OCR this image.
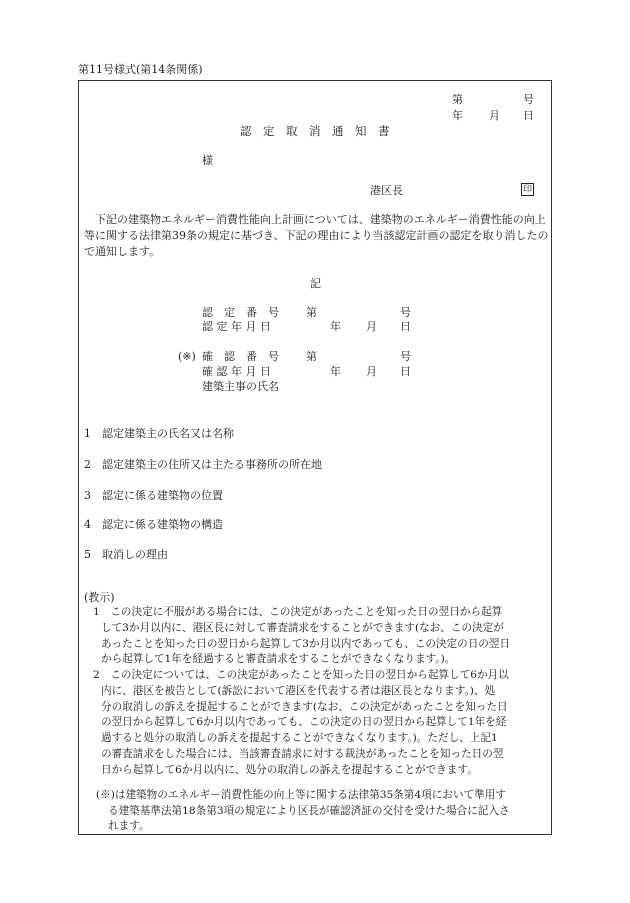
第11号様式(第14条関係)
第	号
年 月 日
認　定　取　消　通　知　書
様
港区長	印
　下記の建築物エネルギー消費性能向上計画については、建築物のエネルギー消費性能の向上等に関する法律第39条の規定に基づき、下記の理由により当該認定計画の認定を取り消したので通知します。
記
認　定　番　号 第	号
認 定 年 月 日	年 月 日
(※) 確　認　番　号 第	号
確 認 年 月 日	年 月 日
建築主事の氏名
1 認定建築主の氏名又は名称
2 認定建築主の住所又は主たる事務所の所在地
3 認定に係る建築物の位置
4 認定に係る建築物の構造
5 取消しの理由
(教示)
1　この決定に不服がある場合には、この決定があったことを知った日の翌日から起算
して3か月以内に、港区長に対して審査請求をすることができます(なお、この決定が
あったことを知った日の翌日から起算して3か月以内であっても、この決定の日の翌日
から起算して1年を経過すると審査請求をすることができなくなります。)。
2　この決定については、この決定があったことを知った日の翌日から起算して6か月以
内に、港区を被告として(訴訟において港区を代表する者は港区長となります。)、処
分の取消しの訴えを提起することができます(なお、この決定があったことを知った日
の翌日から起算して6か月以内であっても、この決定の日の翌日から起算して1年を経
過すると処分の取消しの訴えを提起することができなくなります。)。ただし、上記1
の審査請求をした場合には、当該審査請求に対する裁決があったことを知った日の翌
日から起算して6か月以内に、処分の取消しの訴えを提起することができます。
(※)は建築物のエネルギー消費性能の向上等に関する法律第35条第4項において準用す
る建築基準法第18条第3項の規定により区長が確認済証の交付を受けた場合に記入さ
れます。
